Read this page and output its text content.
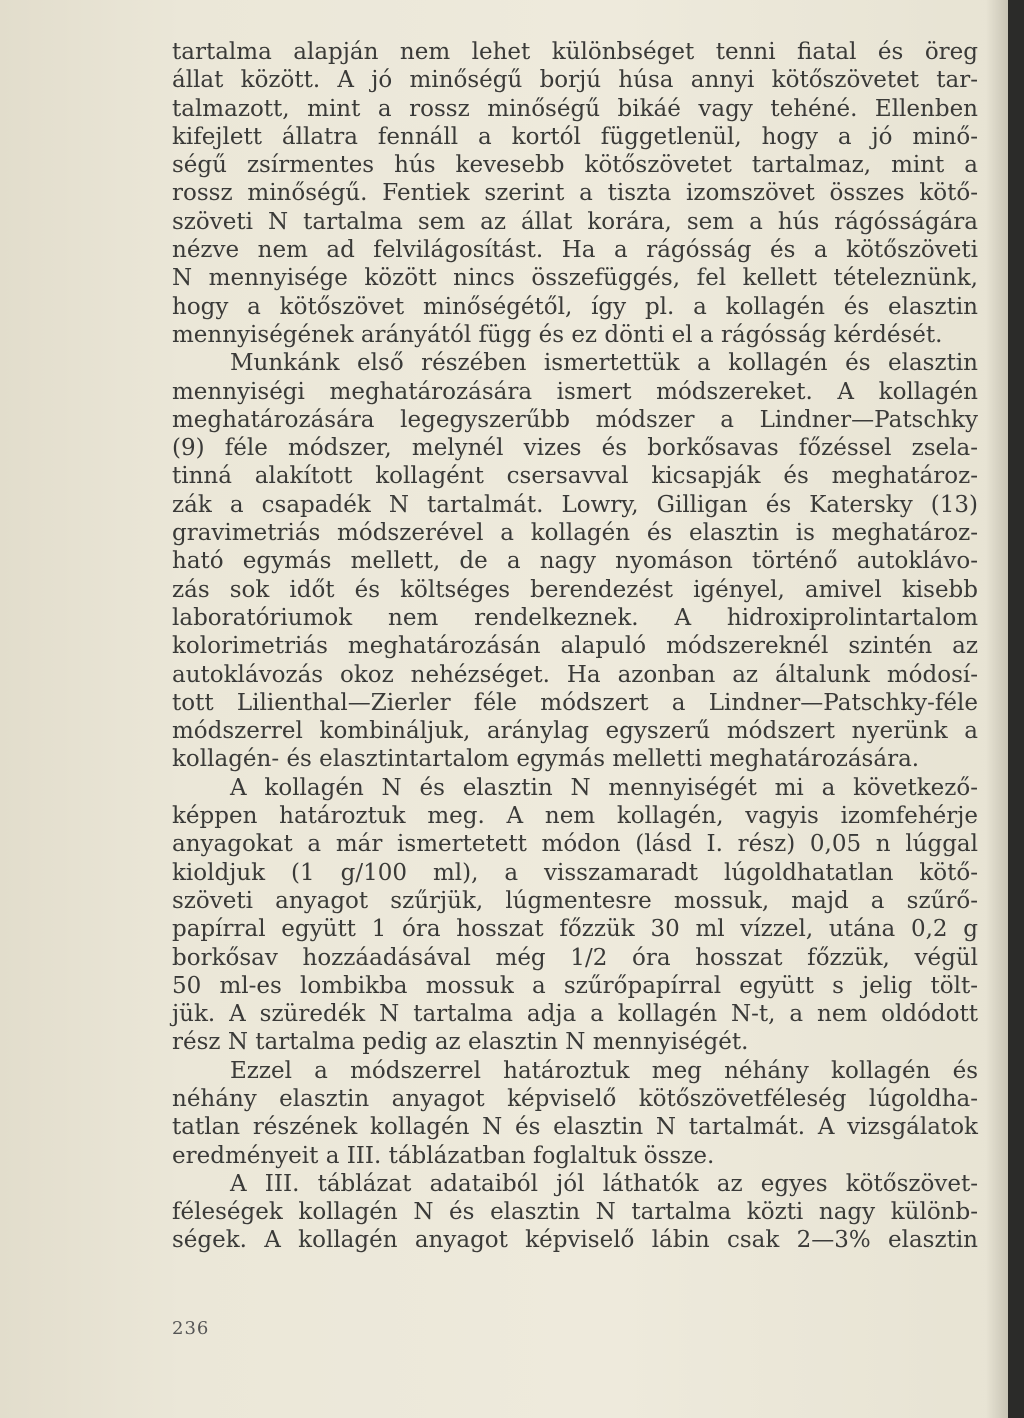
tartalma alapján nem lehet különbséget tenni fiatal és öreg
állat között. A jó minőségű borjú húsa annyi kötőszövetet tar-
talmazott, mint a rossz minőségű bikáé vagy tehéné. Ellenben
kifejlett állatra fennáll a kortól függetlenül, hogy a jó minő-
ségű zsírmentes hús kevesebb kötőszövetet tartalmaz, mint a
rossz minőségű. Fentiek szerint a tiszta izomszövet összes kötő-
szöveti N tartalma sem az állat korára, sem a hús rágósságára
nézve nem ad felvilágosítást. Ha a rágósság és a kötőszöveti
N mennyisége között nincs összefüggés, fel kellett tételeznünk,
hogy a kötőszövet minőségétől, így pl. a kollagén és elasztin
mennyiségének arányától függ és ez dönti el a rágósság kérdését.
Munkánk első részében ismertettük a kollagén és elasztin
mennyiségi meghatározására ismert módszereket. A kollagén
meghatározására legegyszerűbb módszer a Lindner—Patschky
(9) féle módszer, melynél vizes és borkősavas főzéssel zsela-
tinná alakított kollagént csersavval kicsapják és meghatároz-
zák a csapadék N tartalmát. Lowry, Gilligan és Katersky (13)
gravimetriás módszerével a kollagén és elasztin is meghatároz-
ható egymás mellett, de a nagy nyomáson történő autoklávo-
zás sok időt és költséges berendezést igényel, amivel kisebb
laboratóriumok nem rendelkeznek. A hidroxiprolintartalom
kolorimetriás meghatározásán alapuló módszereknél szintén az
autoklávozás okoz nehézséget. Ha azonban az általunk módosí-
tott Lilienthal—Zierler féle módszert a Lindner—Patschky-féle
módszerrel kombináljuk, aránylag egyszerű módszert nyerünk a
kollagén- és elasztintartalom egymás melletti meghatározására.
A kollagén N és elasztin N mennyiségét mi a következő-
képpen határoztuk meg. A nem kollagén, vagyis izomfehérje
anyagokat a már ismertetett módon (lásd I. rész) 0,05 n lúggal
kioldjuk (1 g/100 ml), a visszamaradt lúgoldhatatlan kötő-
szöveti anyagot szűrjük, lúgmentesre mossuk, majd a szűrő-
papírral együtt 1 óra hosszat főzzük 30 ml vízzel, utána 0,2 g
borkősav hozzáadásával még 1/2 óra hosszat főzzük, végül
50 ml-es lombikba mossuk a szűrőpapírral együtt s jelig tölt-
jük. A szüredék N tartalma adja a kollagén N-t, a nem oldódott
rész N tartalma pedig az elasztin N mennyiségét.
Ezzel a módszerrel határoztuk meg néhány kollagén és
néhány elasztin anyagot képviselő kötőszövetféleség lúgoldha-
tatlan részének kollagén N és elasztin N tartalmát. A vizsgálatok
eredményeit a III. táblázatban foglaltuk össze.
A III. táblázat adataiból jól láthatók az egyes kötőszövet-
féleségek kollagén N és elasztin N tartalma közti nagy különb-
ségek. A kollagén anyagot képviselő lábin csak 2—3% elasztin
236
